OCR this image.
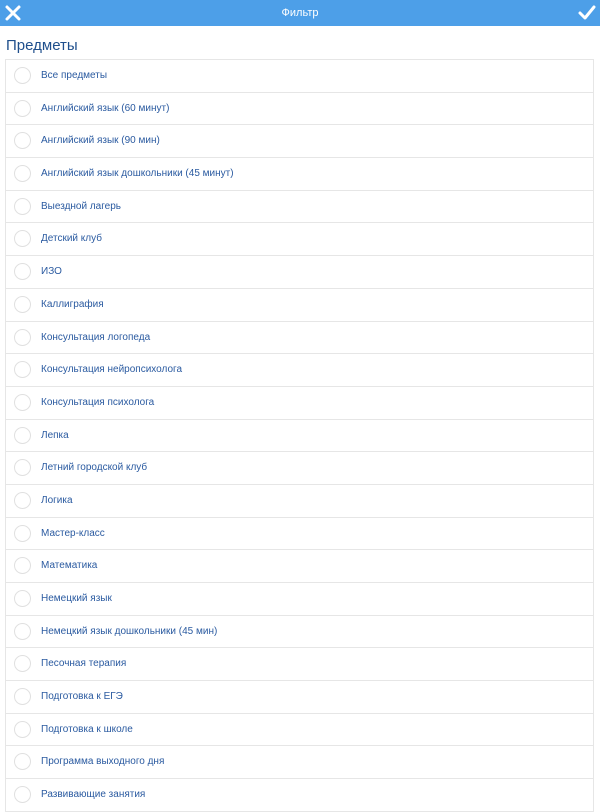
Фильтр
Предметы
Все предметы
Английский язык (60 минут)
Английский язык (90 мин)
Английский язык дошкольники (45 минут)
Выездной лагерь
Детский клуб
ИЗО
Каллиграфия
Консультация логопеда
Консультация нейропсихолога
Консультация психолога
Лепка
Летний городской клуб
Логика
Мастер-класс
Математика
Немецкий язык
Немецкий язык дошкольники (45 мин)
Песочная терапия
Подготовка к ЕГЭ
Подготовка к школе
Программа выходного дня
Развивающие занятия
